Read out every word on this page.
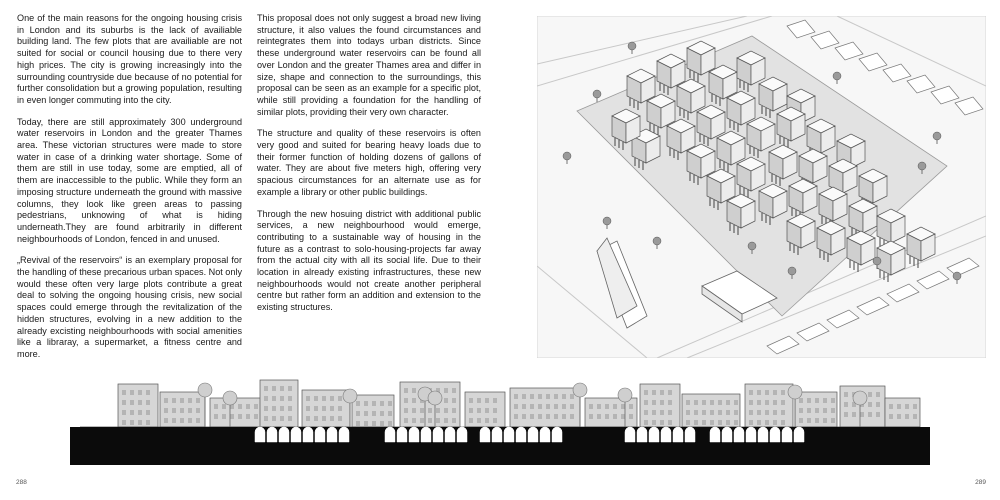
One of the main reasons for the ongoing housing crisis in London and its suburbs is the lack of availiable building land. The few plots that are availiable are not suited for social or council housing due to there very high prices. The city is growing increasingly into the surrounding countryside due because of no potential for further consolidation but a growing population, resulting in even longer commuting into the city.

Today, there are still approximately 300 underground water reservoirs in London and the greater Thames area. These victorian structures were made to store water in case of a drinking water shortage. Some of them are still in use today, some are emptied, all of them are inaccessible to the public. While they form an imposing structure underneath the ground with massive columns, they look like green areas to passing pedestrians, unknowing of what is hiding underneath.They are found arbitrarily in different neighbourhoods of London, fenced in and unused.

„Revival of the reservoirs“ is an exemplary proposal for the handling of these precarious urban spaces. Not only would these often very large plots contribute a great deal to solving the ongoing housing crisis, new social spaces could emerge through the revitalization of the hidden structures, evolving in a new addition to the already excisting neighbourhoods with social amenities like a libraray, a supermarket, a fitness centre and more.

This proposal does not only suggest a broad new living structure, it also values the found circumstances and reintegrates them into todays urban districts. Since these underground water reservoirs can be found all over London and the greater Thames area and differ in size, shape and connection to the surroundings, this proposal can be seen as an example for a specific plot, while still providing a foundation for the handling of similar plots, providing their very own character.

The structure and quality of these reservoirs is often very good and suited for bearing heavy loads due to their former function of holding dozens of gallons of water. They are about five meters high, offering very spacious circumstances for an alternate use as for example a library or other public buildings.

Through the new hosuing district with additional public services, a new neighbourhood would emerge, contributing to a sustainable way of housing in the future as a contrast to solo-housing-projects far away from the actual city with all its social life. Due to their location in already existing infrastructures, these new neighbourhoods would not create another peripheral centre but rather form an addition and extension to the existing structures.

288	289
